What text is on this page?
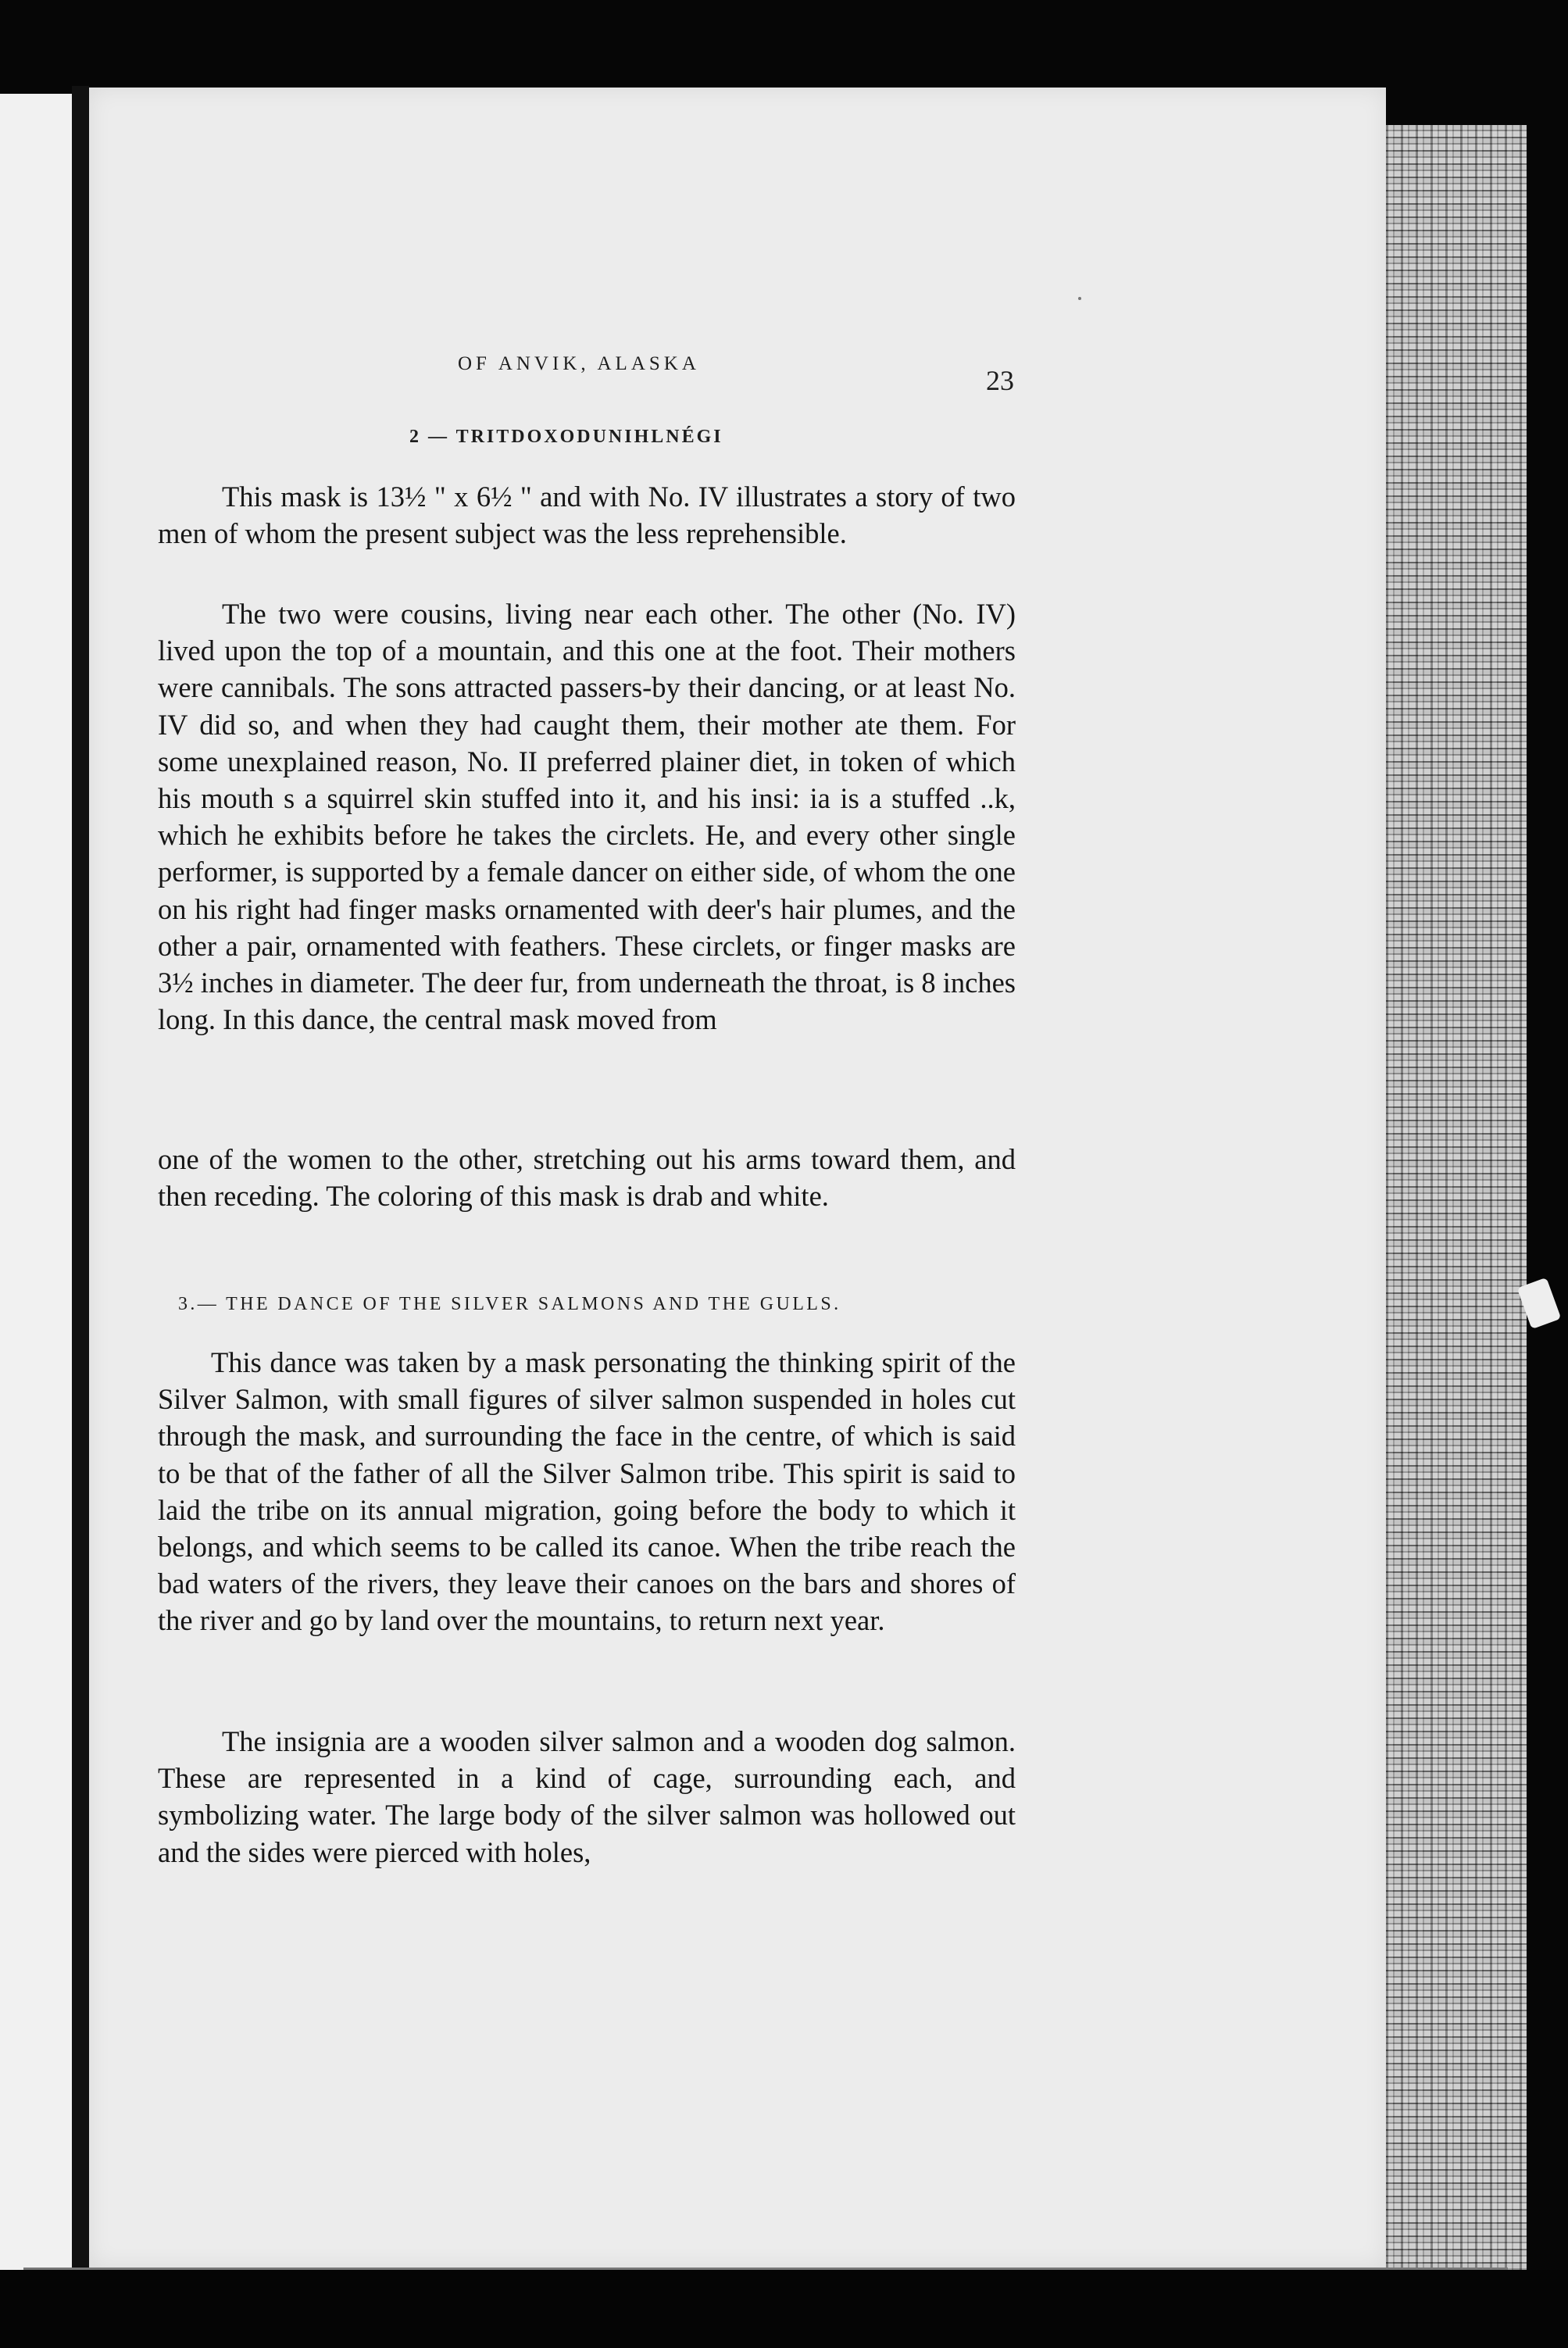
OF ANVIK, ALASKA
23
2 — TRITDOXODUNIHLNÉGI

This mask is 13½ " x 6½ " and with No. IV illustrates a story of two men of whom the present subject was the less reprehensible.

The two were cousins, living near each other. The other (No. IV) lived upon the top of a mountain, and this one at the foot. Their mothers were cannibals. The sons attracted passers-by their dancing, or at least No. IV did so, and when they had caught them, their mother ate them. For some unexplained reason, No. II preferred plainer diet, in token of which his mouth s a squirrel skin stuffed into it, and his insi: ia is a stuffed ..k, which he exhibits before he takes the circlets. He, and every other single performer, is supported by a female dancer on either side, of whom the one on his right had finger masks ornamented with deer's hair plumes, and the other a pair, ornamented with feathers. These circlets, or finger masks are 3½ inches in diameter. The deer fur, from underneath the throat, is 8 inches long. In this dance, the central mask moved from

one of the women to the other, stretching out his arms toward them, and then receding. The coloring of this mask is drab and white.

3.— THE DANCE OF THE SILVER SALMONS AND THE GULLS.

This dance was taken by a mask personating the thinking spirit of the Silver Salmon, with small figures of silver salmon suspended in holes cut through the mask, and surrounding the face in the centre, of which is said to be that of the father of all the Silver Salmon tribe. This spirit is said to laid the tribe on its annual migration, going before the body to which it belongs, and which seems to be called its canoe. When the tribe reach the bad waters of the rivers, they leave their canoes on the bars and shores of the river and go by land over the mountains, to return next year.

The insignia are a wooden silver salmon and a wooden dog salmon. These are represented in a kind of cage, surrounding each, and symbolizing water. The large body of the silver salmon was hollowed out and the sides were pierced with holes,
